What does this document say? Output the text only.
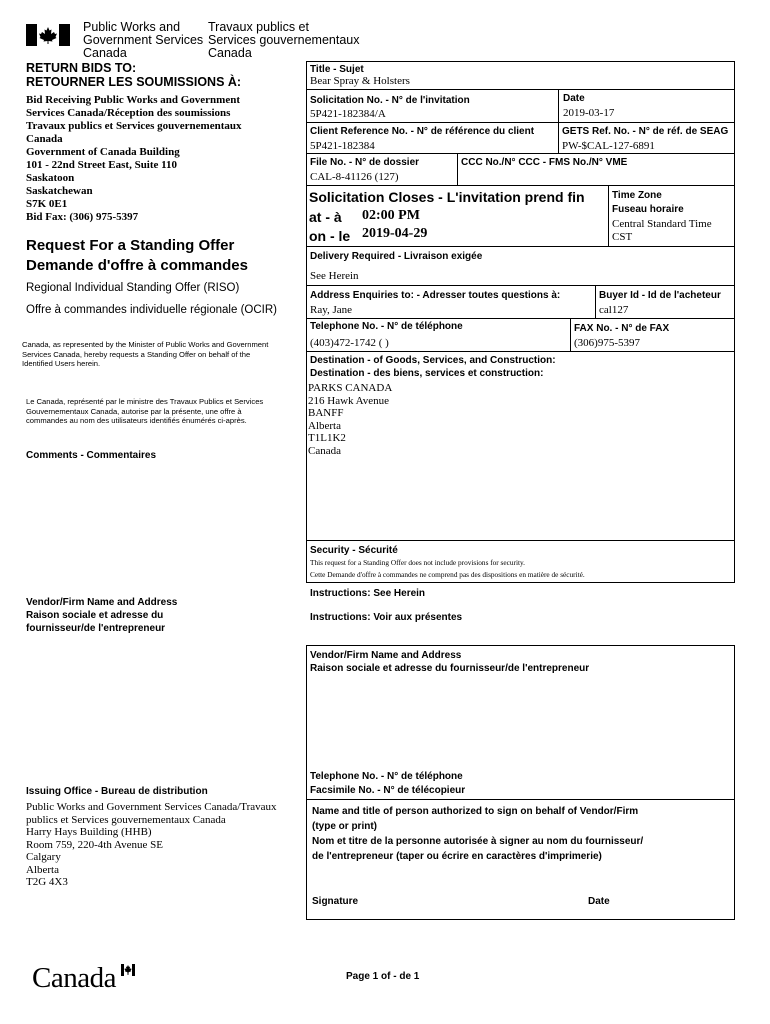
Public Works and
Government Services
Canada
Travaux publics et
Services gouvernementaux
Canada
RETURN BIDS TO:
RETOURNER LES SOUMISSIONS À:
Bid Receiving Public Works and Government
Services Canada/Réception des soumissions
Travaux publics et Services gouvernementaux
Canada
Government of Canada Building
101 - 22nd Street East, Suite 110
Saskatoon
Saskatchewan
S7K 0E1
Bid Fax: (306) 975-5397
Request For a Standing Offer
Demande d'offre à commandes
Regional Individual Standing Offer (RISO)
Offre à commandes individuelle régionale (OCIR)
Canada, as represented by the Minister of Public Works and Government Services Canada, hereby requests a Standing Offer on behalf of the Identified Users herein.
Le Canada, représenté par le ministre des Travaux Publics et Services Gouvernementaux Canada, autorise par la présente, une offre à commandes au nom des utilisateurs identifiés énumérés ci-après.
Comments - Commentaires
Vendor/Firm Name and Address
Raison sociale et adresse du
fournisseur/de l'entrepreneur
Issuing Office - Bureau de distribution
Public Works and Government Services Canada/Travaux
publics et Services gouvernementaux Canada
Harry Hays Building (HHB)
Room 759, 220-4th Avenue SE
Calgary
Alberta
T2G 4X3
Title - Sujet
Bear Spray & Holsters
Solicitation No. - N° de l'invitation
5P421-182384/A
Date
2019-03-17
Client Reference No. - N° de référence du client
5P421-182384
GETS Ref. No. - N° de réf. de SEAG
PW-$CAL-127-6891
File No. - N° de dossier
CAL-8-41126 (127)
CCC No./N° CCC - FMS No./N° VME
Solicitation Closes - L'invitation prend fin
at - à 02:00 PM
on - le 2019-04-29
Time Zone
Fuseau horaire
Central Standard Time
CST
Delivery Required - Livraison exigée
See Herein
Address Enquiries to: - Adresser toutes questions à:
Ray, Jane
Buyer Id - Id de l'acheteur
cal127
Telephone No. - N° de téléphone
(403)472-1742 ( )
FAX No. - N° de FAX
(306)975-5397
Destination - of Goods, Services, and Construction:
Destination - des biens, services et construction:
PARKS CANADA
216 Hawk Avenue
BANFF
Alberta
T1L1K2
Canada
Security - Sécurité
This request for a Standing Offer does not include provisions for security.
Cette Demande d'offre à commandes ne comprend pas des dispositions en matière de sécurité.
Instructions: See Herein
Instructions: Voir aux présentes
Vendor/Firm Name and Address
Raison sociale et adresse du fournisseur/de l'entrepreneur
Telephone No. - N° de téléphone
Facsimile No. - N° de télécopieur
Name and title of person authorized to sign on behalf of Vendor/Firm
(type or print)
Nom et titre de la personne autorisée à signer au nom du fournisseur/
de l'entrepreneur (taper ou écrire en caractères d'imprimerie)
Signature	Date
Canada	Page 1 of - de 1
